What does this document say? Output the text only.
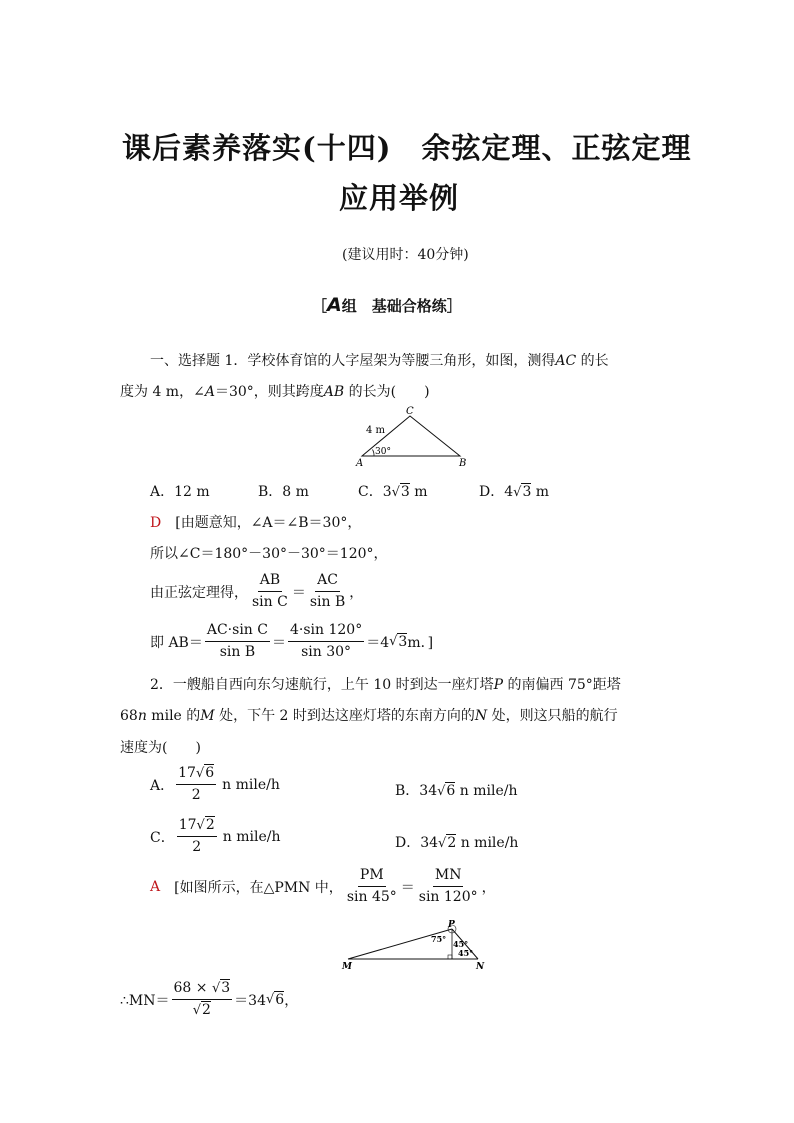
课后素养落实(十四)　余弦定理、正弦定理
应用举例
(建议用时：40分钟)
［A组　基础合格练］
一、选择题 1．学校体育馆的人字屋架为等腰三角形，如图，测得AC 的长
度为 4 m，∠A＝30°，则其跨度AB 的长为(　　)
C
A	B
4 m
30°
A．12 m	B．8 m	C．3√3 m	D．4√3 m
D　 [由题意知，∠A＝∠B＝30°，
所以∠C＝180°－30°－30°＝120°，
由正弦定理得， $\frac{AB}{\text{sin C}} = \frac{AC}{\text{sin B}}$ ，
即 $AB= \frac{\text{AC·sin C}}{\text{sin B}} = \frac{4\cdot\sin 120^\circ}{\sin 30^\circ} =4$ √ 3 m．]
2．一艘船自西向东匀速航行，上午 10 时到达一座灯塔P 的南偏西 75°距塔
68n mile 的M 处，下午 2 时到达这座灯塔的东南方向的N 处，则这只船的航行
速度为(　　)
A． $\frac{17√6}{2}$ n mile/h	B．34√6 n mile/h
C． $\frac{17√2}{2}$ n mile/h	D．34√2 n mile/h
A [如图所示，在△PMN 中， $\frac{PM}{\sin 45^\circ} = \frac{MN}{\sin 120^\circ}$ ，
P
M	N
75° 45°
45°
∴MN＝ $\frac{68 \times √3}{√2} =34$ √ 6 ，
